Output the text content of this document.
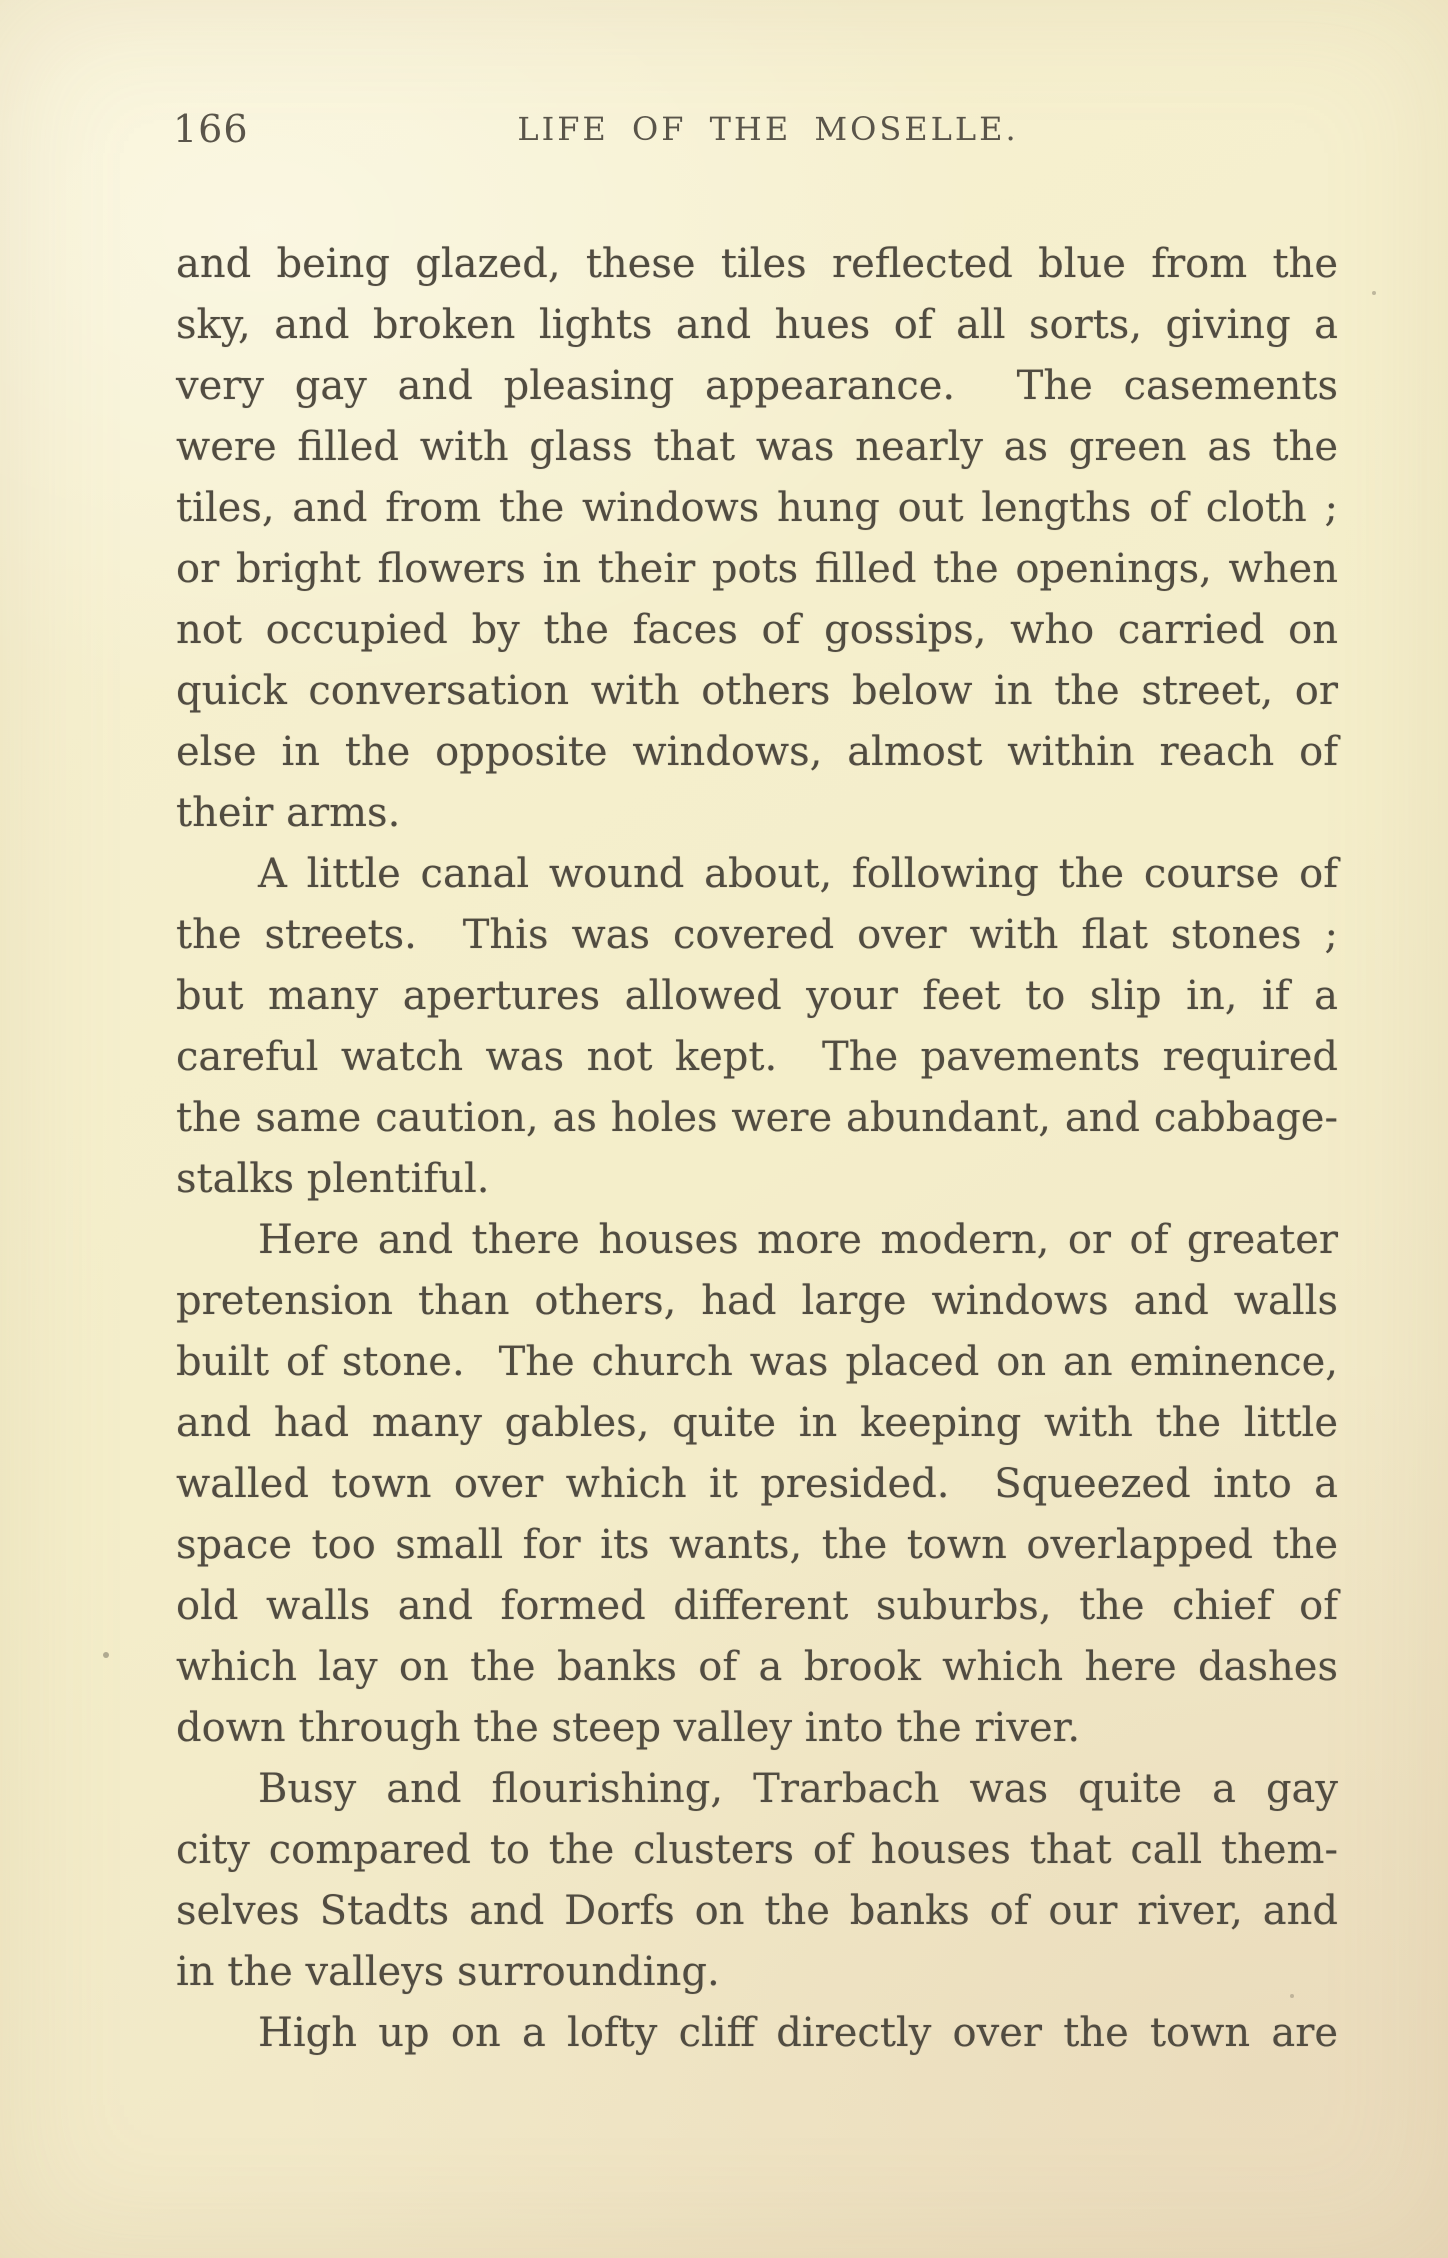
166	LIFE OF THE MOSELLE.
and being glazed, these tiles reflected blue from the
sky, and broken lights and hues of all sorts, giving a
very gay and pleasing appearance.  The casements
were filled with glass that was nearly as green as the
tiles, and from the windows hung out lengths of cloth ;
or bright flowers in their pots filled the openings, when
not occupied by the faces of gossips, who carried on
quick conversation with others below in the street, or
else in the opposite windows, almost within reach of
their arms.
A little canal wound about, following the course of
the streets.  This was covered over with flat stones ;
but many apertures allowed your feet to slip in, if a
careful watch was not kept.  The pavements required
the same caution, as holes were abundant, and cabbage-
stalks plentiful.
Here and there houses more modern, or of greater
pretension than others, had large windows and walls
built of stone.  The church was placed on an eminence,
and had many gables, quite in keeping with the little
walled town over which it presided.  Squeezed into a
space too small for its wants, the town overlapped the
old walls and formed different suburbs, the chief of
which lay on the banks of a brook which here dashes
down through the steep valley into the river.
Busy and flourishing, Trarbach was quite a gay
city compared to the clusters of houses that call them-
selves Stadts and Dorfs on the banks of our river, and
in the valleys surrounding.
High up on a lofty cliff directly over the town are
